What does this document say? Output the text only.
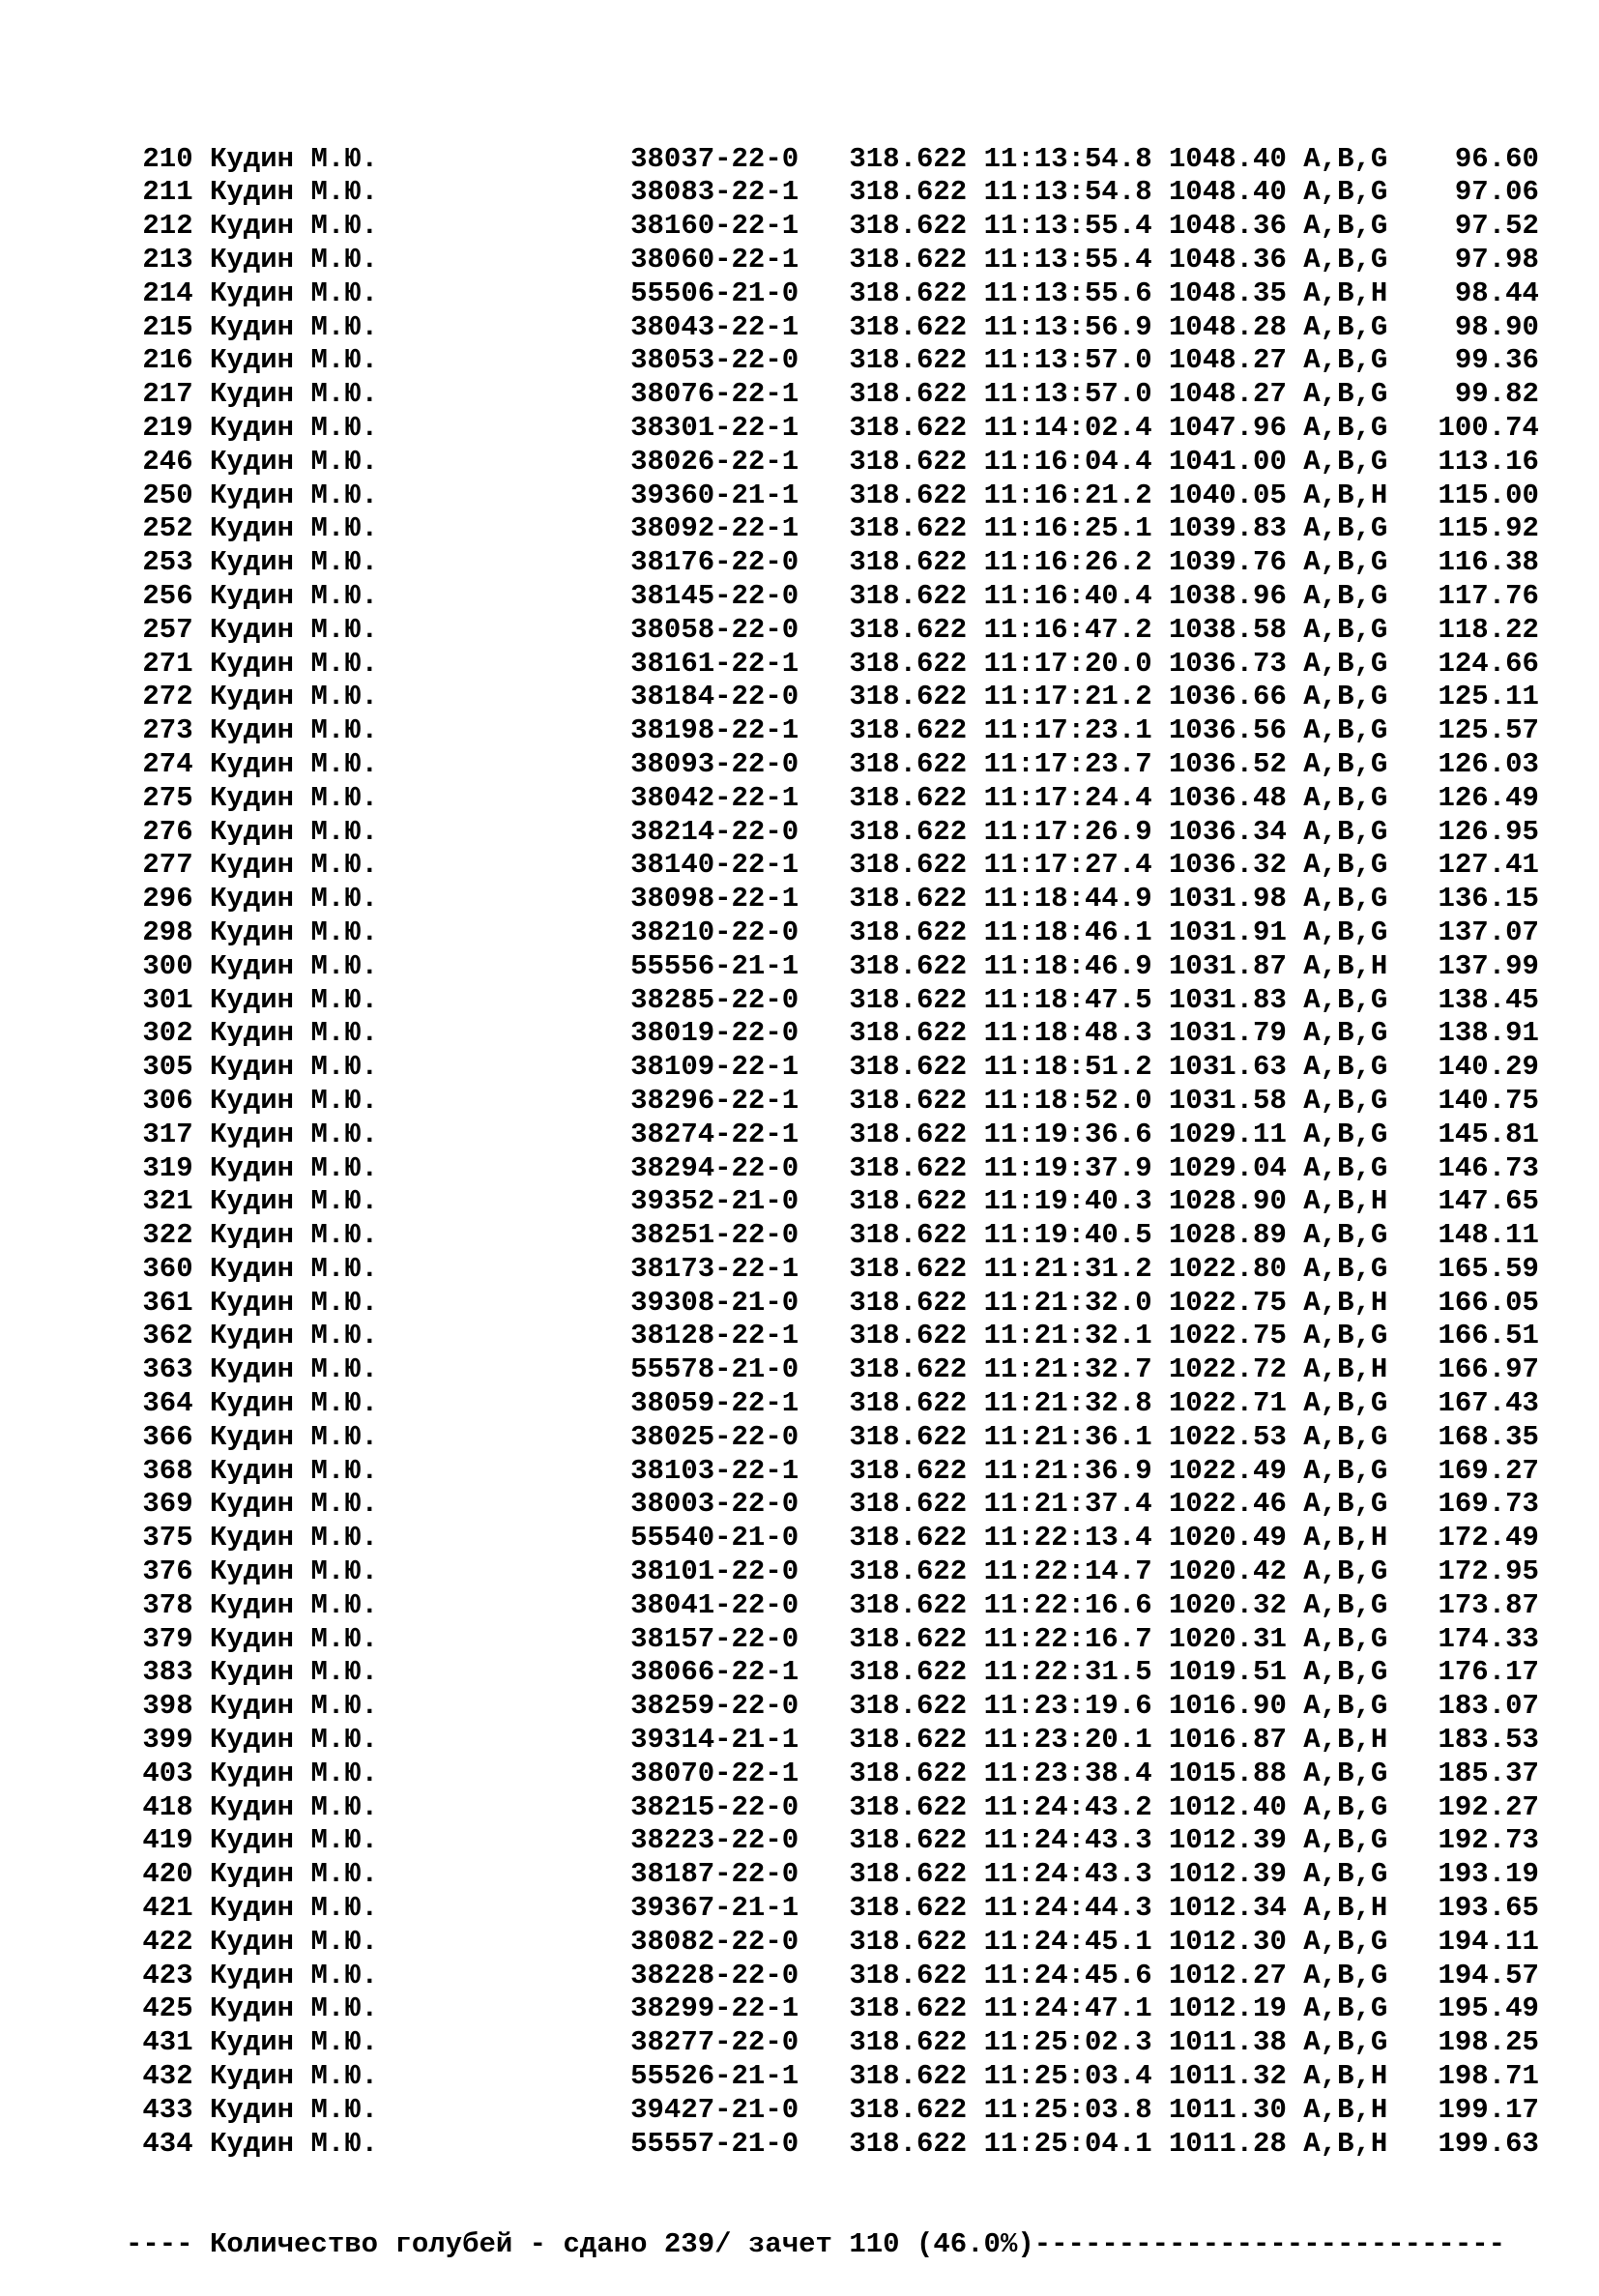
210 Кудин М.Ю.	38037-22-0 318.622 11:13:54.8 1048.40 A,B,G 96.60
211 Кудин М.Ю.	38083-22-1 318.622 11:13:54.8 1048.40 A,B,G 97.06
212 Кудин М.Ю.	38160-22-1 318.622 11:13:55.4 1048.36 A,B,G 97.52
213 Кудин М.Ю.	38060-22-1 318.622 11:13:55.4 1048.36 A,B,G 97.98
214 Кудин М.Ю.	55506-21-0 318.622 11:13:55.6 1048.35 A,B,H 98.44
215 Кудин М.Ю.	38043-22-1 318.622 11:13:56.9 1048.28 A,B,G 98.90
216 Кудин М.Ю.	38053-22-0 318.622 11:13:57.0 1048.27 A,B,G 99.36
217 Кудин М.Ю.	38076-22-1 318.622 11:13:57.0 1048.27 A,B,G 99.82
219 Кудин М.Ю.	38301-22-1 318.622 11:14:02.4 1047.96 A,B,G 100.74
246 Кудин М.Ю.	38026-22-1 318.622 11:16:04.4 1041.00 A,B,G 113.16
250 Кудин М.Ю.	39360-21-1 318.622 11:16:21.2 1040.05 A,B,H 115.00
252 Кудин М.Ю.	38092-22-1 318.622 11:16:25.1 1039.83 A,B,G 115.92
253 Кудин М.Ю.	38176-22-0 318.622 11:16:26.2 1039.76 A,B,G 116.38
256 Кудин М.Ю.	38145-22-0 318.622 11:16:40.4 1038.96 A,B,G 117.76
257 Кудин М.Ю.	38058-22-0 318.622 11:16:47.2 1038.58 A,B,G 118.22
271 Кудин М.Ю.	38161-22-1 318.622 11:17:20.0 1036.73 A,B,G 124.66
272 Кудин М.Ю.	38184-22-0 318.622 11:17:21.2 1036.66 A,B,G 125.11
273 Кудин М.Ю.	38198-22-1 318.622 11:17:23.1 1036.56 A,B,G 125.57
274 Кудин М.Ю.	38093-22-0 318.622 11:17:23.7 1036.52 A,B,G 126.03
275 Кудин М.Ю.	38042-22-1 318.622 11:17:24.4 1036.48 A,B,G 126.49
276 Кудин М.Ю.	38214-22-0 318.622 11:17:26.9 1036.34 A,B,G 126.95
277 Кудин М.Ю.	38140-22-1 318.622 11:17:27.4 1036.32 A,B,G 127.41
296 Кудин М.Ю.	38098-22-1 318.622 11:18:44.9 1031.98 A,B,G 136.15
298 Кудин М.Ю.	38210-22-0 318.622 11:18:46.1 1031.91 A,B,G 137.07
300 Кудин М.Ю.	55556-21-1 318.622 11:18:46.9 1031.87 A,B,H 137.99
301 Кудин М.Ю.	38285-22-0 318.622 11:18:47.5 1031.83 A,B,G 138.45
302 Кудин М.Ю.	38019-22-0 318.622 11:18:48.3 1031.79 A,B,G 138.91
305 Кудин М.Ю.	38109-22-1 318.622 11:18:51.2 1031.63 A,B,G 140.29
306 Кудин М.Ю.	38296-22-1 318.622 11:18:52.0 1031.58 A,B,G 140.75
317 Кудин М.Ю.	38274-22-1 318.622 11:19:36.6 1029.11 A,B,G 145.81
319 Кудин М.Ю.	38294-22-0 318.622 11:19:37.9 1029.04 A,B,G 146.73
321 Кудин М.Ю.	39352-21-0 318.622 11:19:40.3 1028.90 A,B,H 147.65
322 Кудин М.Ю.	38251-22-0 318.622 11:19:40.5 1028.89 A,B,G 148.11
360 Кудин М.Ю.	38173-22-1 318.622 11:21:31.2 1022.80 A,B,G 165.59
361 Кудин М.Ю.	39308-21-0 318.622 11:21:32.0 1022.75 A,B,H 166.05
362 Кудин М.Ю.	38128-22-1 318.622 11:21:32.1 1022.75 A,B,G 166.51
363 Кудин М.Ю.	55578-21-0 318.622 11:21:32.7 1022.72 A,B,H 166.97
364 Кудин М.Ю.	38059-22-1 318.622 11:21:32.8 1022.71 A,B,G 167.43
366 Кудин М.Ю.	38025-22-0 318.622 11:21:36.1 1022.53 A,B,G 168.35
368 Кудин М.Ю.	38103-22-1 318.622 11:21:36.9 1022.49 A,B,G 169.27
369 Кудин М.Ю.	38003-22-0 318.622 11:21:37.4 1022.46 A,B,G 169.73
375 Кудин М.Ю.	55540-21-0 318.622 11:22:13.4 1020.49 A,B,H 172.49
376 Кудин М.Ю.	38101-22-0 318.622 11:22:14.7 1020.42 A,B,G 172.95
378 Кудин М.Ю.	38041-22-0 318.622 11:22:16.6 1020.32 A,B,G 173.87
379 Кудин М.Ю.	38157-22-0 318.622 11:22:16.7 1020.31 A,B,G 174.33
383 Кудин М.Ю.	38066-22-1 318.622 11:22:31.5 1019.51 A,B,G 176.17
398 Кудин М.Ю.	38259-22-0 318.622 11:23:19.6 1016.90 A,B,G 183.07
399 Кудин М.Ю.	39314-21-1 318.622 11:23:20.1 1016.87 A,B,H 183.53
403 Кудин М.Ю.	38070-22-1 318.622 11:23:38.4 1015.88 A,B,G 185.37
418 Кудин М.Ю.	38215-22-0 318.622 11:24:43.2 1012.40 A,B,G 192.27
419 Кудин М.Ю.	38223-22-0 318.622 11:24:43.3 1012.39 A,B,G 192.73
420 Кудин М.Ю.	38187-22-0 318.622 11:24:43.3 1012.39 A,B,G 193.19
421 Кудин М.Ю.	39367-21-1 318.622 11:24:44.3 1012.34 A,B,H 193.65
422 Кудин М.Ю.	38082-22-0 318.622 11:24:45.1 1012.30 A,B,G 194.11
423 Кудин М.Ю.	38228-22-0 318.622 11:24:45.6 1012.27 A,B,G 194.57
425 Кудин М.Ю.	38299-22-1 318.622 11:24:47.1 1012.19 A,B,G 195.49
431 Кудин М.Ю.	38277-22-0 318.622 11:25:02.3 1011.38 A,B,G 198.25
432 Кудин М.Ю.	55526-21-1 318.622 11:25:03.4 1011.32 A,B,H 198.71
433 Кудин М.Ю.	39427-21-0 318.622 11:25:03.8 1011.30 A,B,H 199.17
434 Кудин М.Ю.	55557-21-0 318.622 11:25:04.1 1011.28 A,B,H 199.63

---- Количество голубей - сдано 239/ зачет 110 (46.0%)----------------------------
